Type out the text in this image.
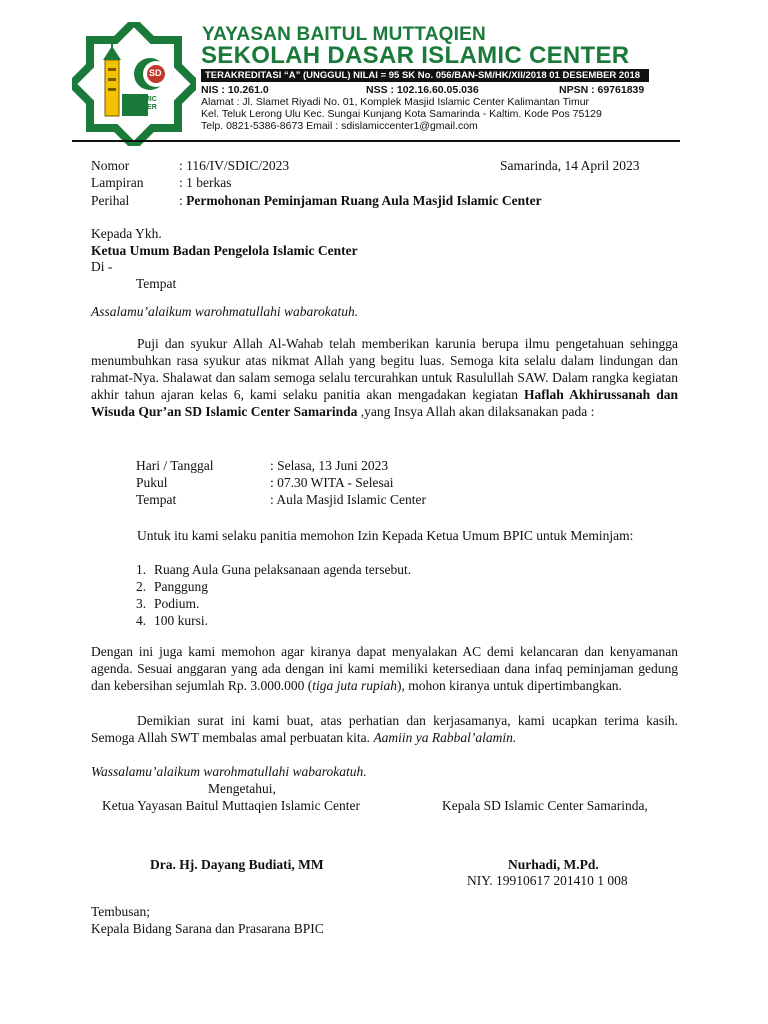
SD
ISLAMIC CENTER
YAYASAN BAITUL MUTTAQIEN
SEKOLAH DASAR ISLAMIC CENTER
TERAKREDITASI “A” (UNGGUL) NILAI = 95 SK No. 056/BAN-SM/HK/XII/2018 01 DESEMBER 2018
NIS : 10.261.0	NSS : 102.16.60.05.036	NPSN : 69761839
Alamat : Jl. Slamet Riyadi No. 01, Komplek Masjid Islamic Center Kalimantan Timur
Kel. Teluk Lerong Ulu Kec. Sungai Kunjang Kota Samarinda - Kaltim. Kode Pos 75129
Telp. 0821-5386-8673 Email : sdislamiccenter1@gmail.com
Nomor	: 116/IV/SDIC/2023	Samarinda, 14 April 2023
Lampiran	: 1 berkas
Perihal	: Permohonan Peminjaman Ruang Aula Masjid Islamic Center
Kepada Ykh.
Ketua Umum Badan Pengelola Islamic Center
Di -
Tempat
Assalamu’alaikum warohmatullahi wabarokatuh.
Puji dan syukur Allah Al-Wahab telah memberikan karunia berupa ilmu pengetahuan sehingga menumbuhkan rasa syukur atas nikmat Allah yang begitu luas. Semoga kita selalu dalam lindungan dan rahmat-Nya. Shalawat dan salam semoga selalu tercurahkan untuk Rasulullah SAW. Dalam rangka kegiatan akhir tahun ajaran kelas 6, kami selaku panitia akan mengadakan kegiatan Haflah Akhirussanah dan Wisuda Qur’an SD Islamic Center Samarinda ,yang Insya Allah akan dilaksanakan pada :
Hari / Tanggal	: Selasa, 13 Juni 2023
Pukul	: 07.30 WITA - Selesai
Tempat	: Aula Masjid Islamic Center
Untuk itu kami selaku panitia memohon Izin Kepada Ketua Umum BPIC untuk Meminjam:
1. Ruang Aula Guna pelaksanaan agenda tersebut.
2. Panggung
3. Podium.
4. 100 kursi.
Dengan ini juga kami memohon agar kiranya dapat menyalakan AC demi kelancaran dan kenyamanan agenda. Sesuai anggaran yang ada dengan ini kami memiliki ketersediaan dana infaq peminjaman gedung dan kebersihan sejumlah Rp. 3.000.000 (tiga juta rupiah), mohon kiranya untuk dipertimbangkan.
Demikian surat ini kami buat, atas perhatian dan kerjasamanya, kami ucapkan terima kasih. Semoga Allah SWT membalas amal perbuatan kita. Aamiin ya Rabbal’alamin.
Wassalamu’alaikum warohmatullahi wabarokatuh.
Mengetahui,
Ketua Yayasan Baitul Muttaqien Islamic Center	Kepala SD Islamic Center Samarinda,
Dra. Hj. Dayang Budiati, MM	Nurhadi, M.Pd.
NIY. 19910617 201410 1 008
Tembusan;
Kepala Bidang Sarana dan Prasarana BPIC
